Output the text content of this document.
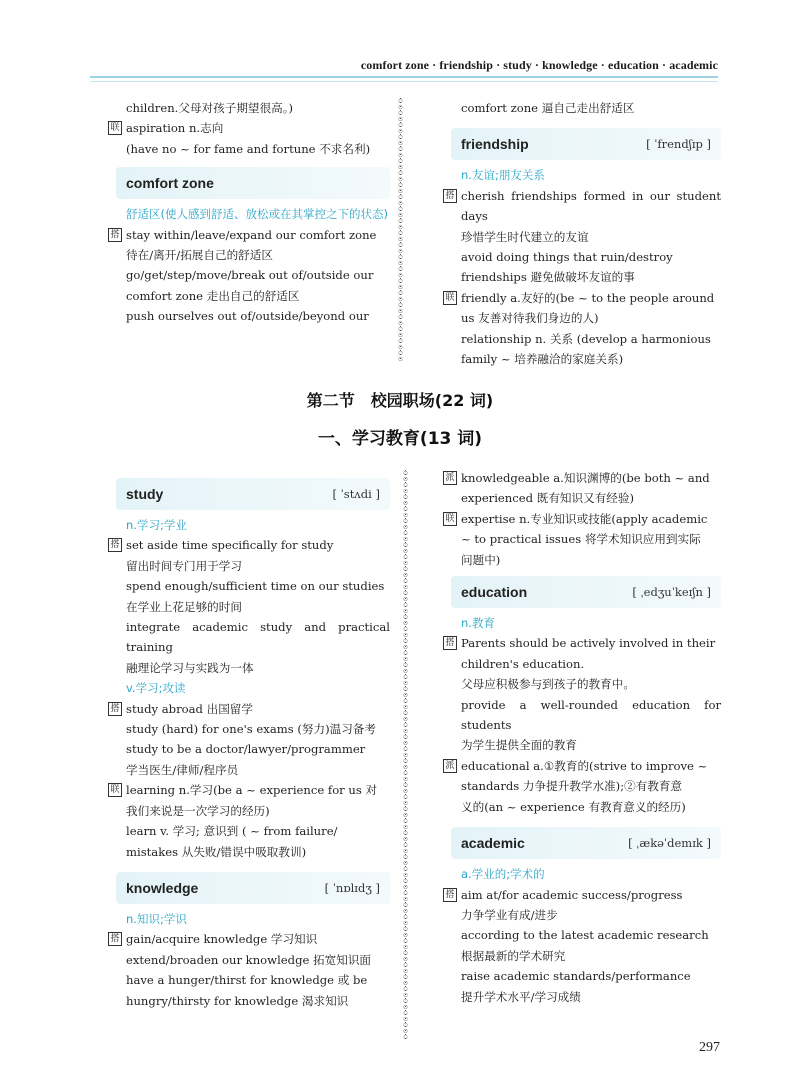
comfort zone · friendship · study · knowledge · education · academic
children.父母对孩子期望很高。)
联 aspiration n.志向
(have no ~ for fame and fortune 不求名利)
comfort zone
舒适区(使人感到舒适、放松或在其掌控之下的状态)
搭 stay within/leave/expand our comfort zone
待在/离开/拓展自己的舒适区
go/get/step/move/break out of/outside our
comfort zone 走出自己的舒适区
push ourselves out of/outside/beyond our
comfort zone 逼自己走出舒适区
friendship	[ ˈfrendʃɪp ]
n.友谊;朋友关系
搭 cherish friendships formed in our student days
珍惜学生时代建立的友谊
avoid doing things that ruin/destroy
friendships 避免做破坏友谊的事
联 friendly a.友好的(be ~ to the people around
us 友善对待我们身边的人)
relationship n. 关系 (develop a harmonious
family ~ 培养融洽的家庭关系)
第二节　校园职场(22 词)
一、学习教育(13 词)
study	[ ˈstʌdi ]
n.学习;学业
搭 set aside time specifically for study
留出时间专门用于学习
spend enough/sufficient time on our studies
在学业上花足够的时间
integrate academic study and practical training
融理论学习与实践为一体
v.学习;攻读
搭 study abroad 出国留学
study (hard) for one's exams (努力)温习备考
study to be a doctor/lawyer/programmer
学当医生/律师/程序员
联 learning n.学习(be a ~ experience for us 对
我们来说是一次学习的经历)
learn v. 学习; 意识到 ( ~ from failure/
mistakes 从失败/错误中吸取教训)
knowledge	[ ˈnɒlɪdʒ ]
n.知识;学识
搭 gain/acquire knowledge 学习知识
extend/broaden our knowledge 拓宽知识面
have a hunger/thirst for knowledge 或 be
hungry/thirsty for knowledge 渴求知识
派 knowledgeable a.知识渊博的(be both ~ and
experienced 既有知识又有经验)
联 expertise n.专业知识或技能(apply academic
~ to practical issues 将学术知识应用到实际
问题中)
education	[ ˌedʒuˈkeɪʃn ]
n.教育
搭 Parents should be actively involved in their
children's education.
父母应积极参与到孩子的教育中。
provide a well-rounded education for students
为学生提供全面的教育
派 educational a.①教育的(strive to improve ~
standards 力争提升教学水准);②有教育意
义的(an ~ experience 有教育意义的经历)
academic	[ ˌækəˈdemɪk ]
a.学业的;学术的
搭 aim at/for academic success/progress
力争学业有成/进步
according to the latest academic research
根据最新的学术研究
raise academic standards/performance
提升学术水平/学习成绩
297
